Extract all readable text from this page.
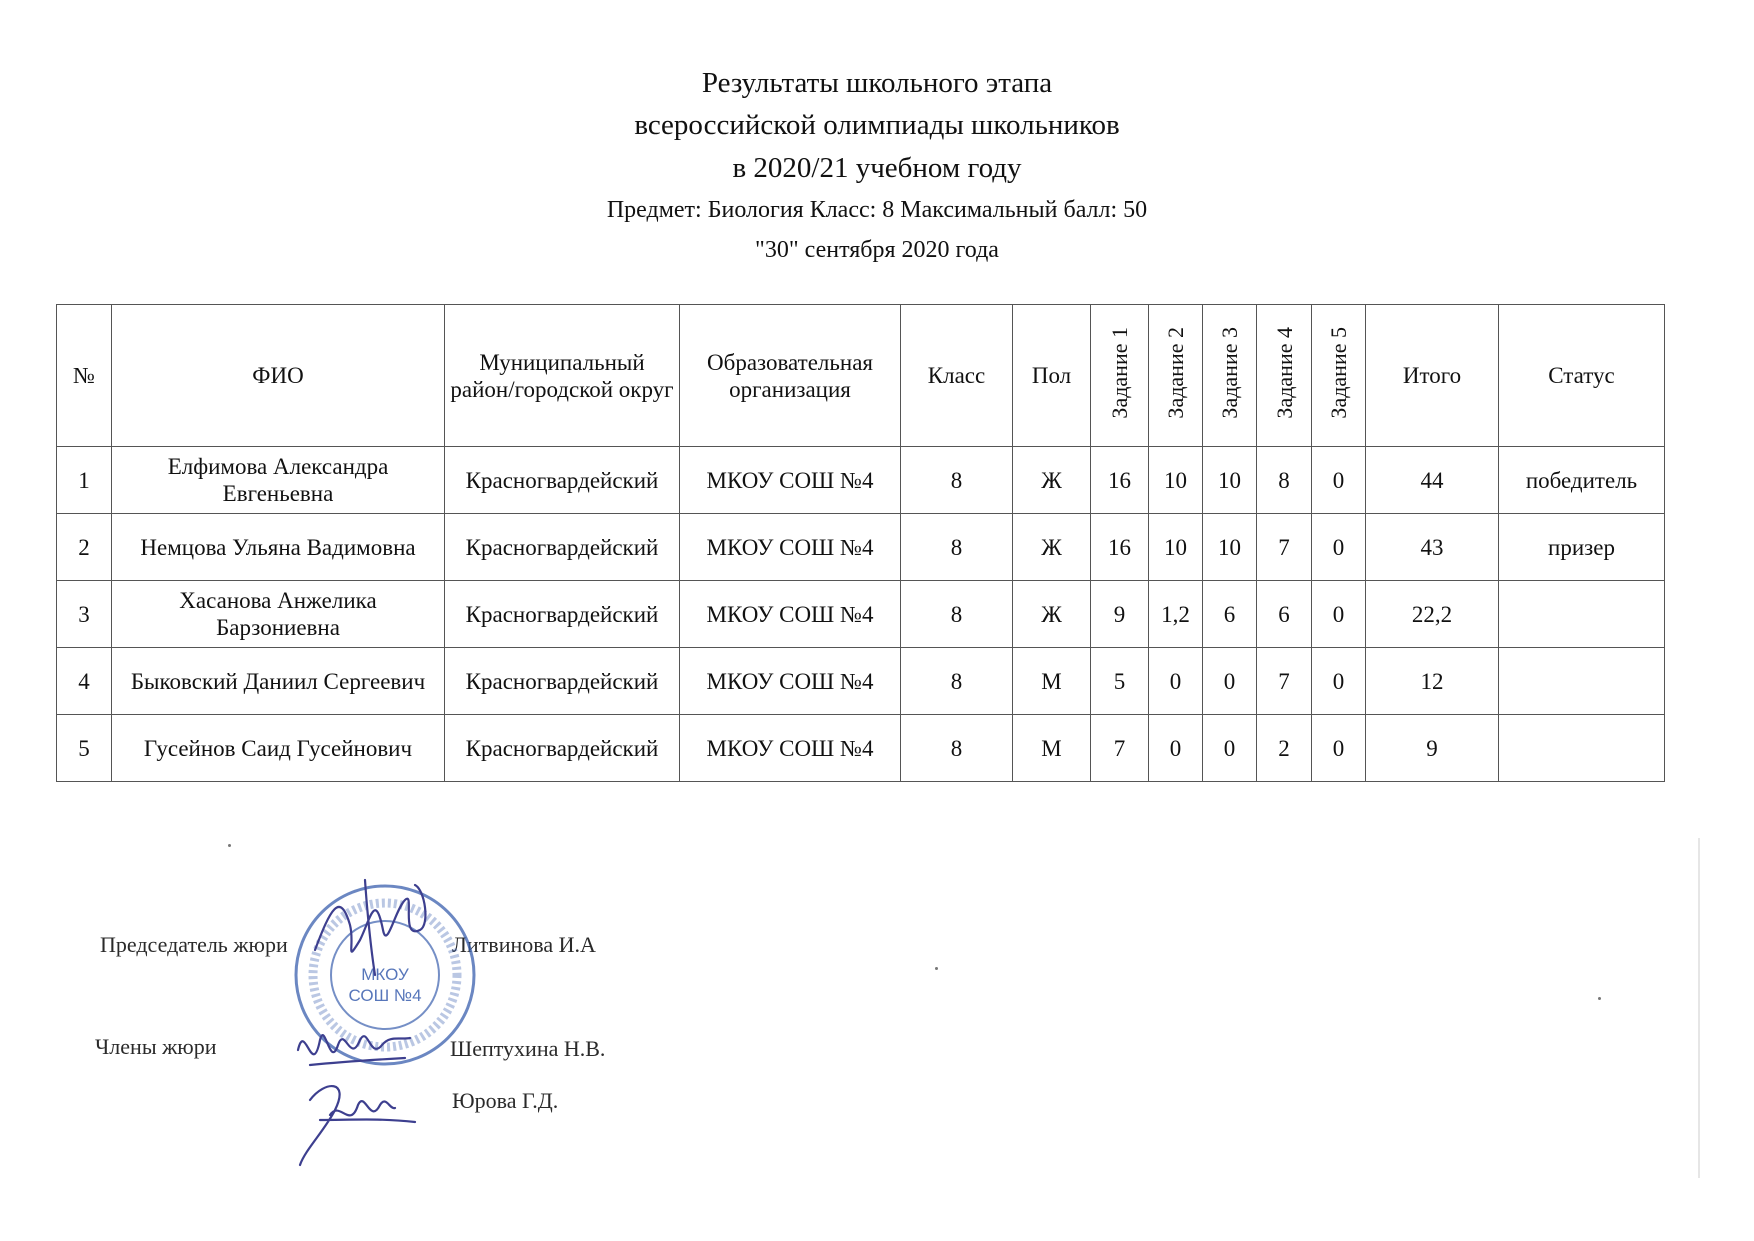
Результаты школьного этапа
всероссийской олимпиады школьников
в 2020/21 учебном году
Предмет: Биология Класс: 8 Максимальный балл: 50
"30" сентября 2020 года
№	ФИО	Муниципальный район/городской округ	Образовательная организация	Класс	Пол	Задание 1	Задание 2	Задание 3	Задание 4	Задание 5	Итого	Статус
1	Елфимова Александра Евгеньевна	Красногвардейский	МКОУ СОШ №4	8	Ж	16	10	10	8	0	44	победитель
2	Немцова Ульяна Вадимовна	Красногвардейский	МКОУ СОШ №4	8	Ж	16	10	10	7	0	43	призер
3	Хасанова Анжелика Барзониевна	Красногвардейский	МКОУ СОШ №4	8	Ж	9	1,2	6	6	0	22,2	
4	Быковский Даниил Сергеевич	Красногвардейский	МКОУ СОШ №4	8	М	5	0	0	7	0	12	
5	Гусейнов Саид Гусейнович	Красногвардейский	МКОУ СОШ №4	8	М	7	0	0	2	0	9	
Председатель жюри	Литвинова И.А
Члены жюри	Шептухина Н.В.
Юрова Г.Д.
МКОУ
СОШ №4
